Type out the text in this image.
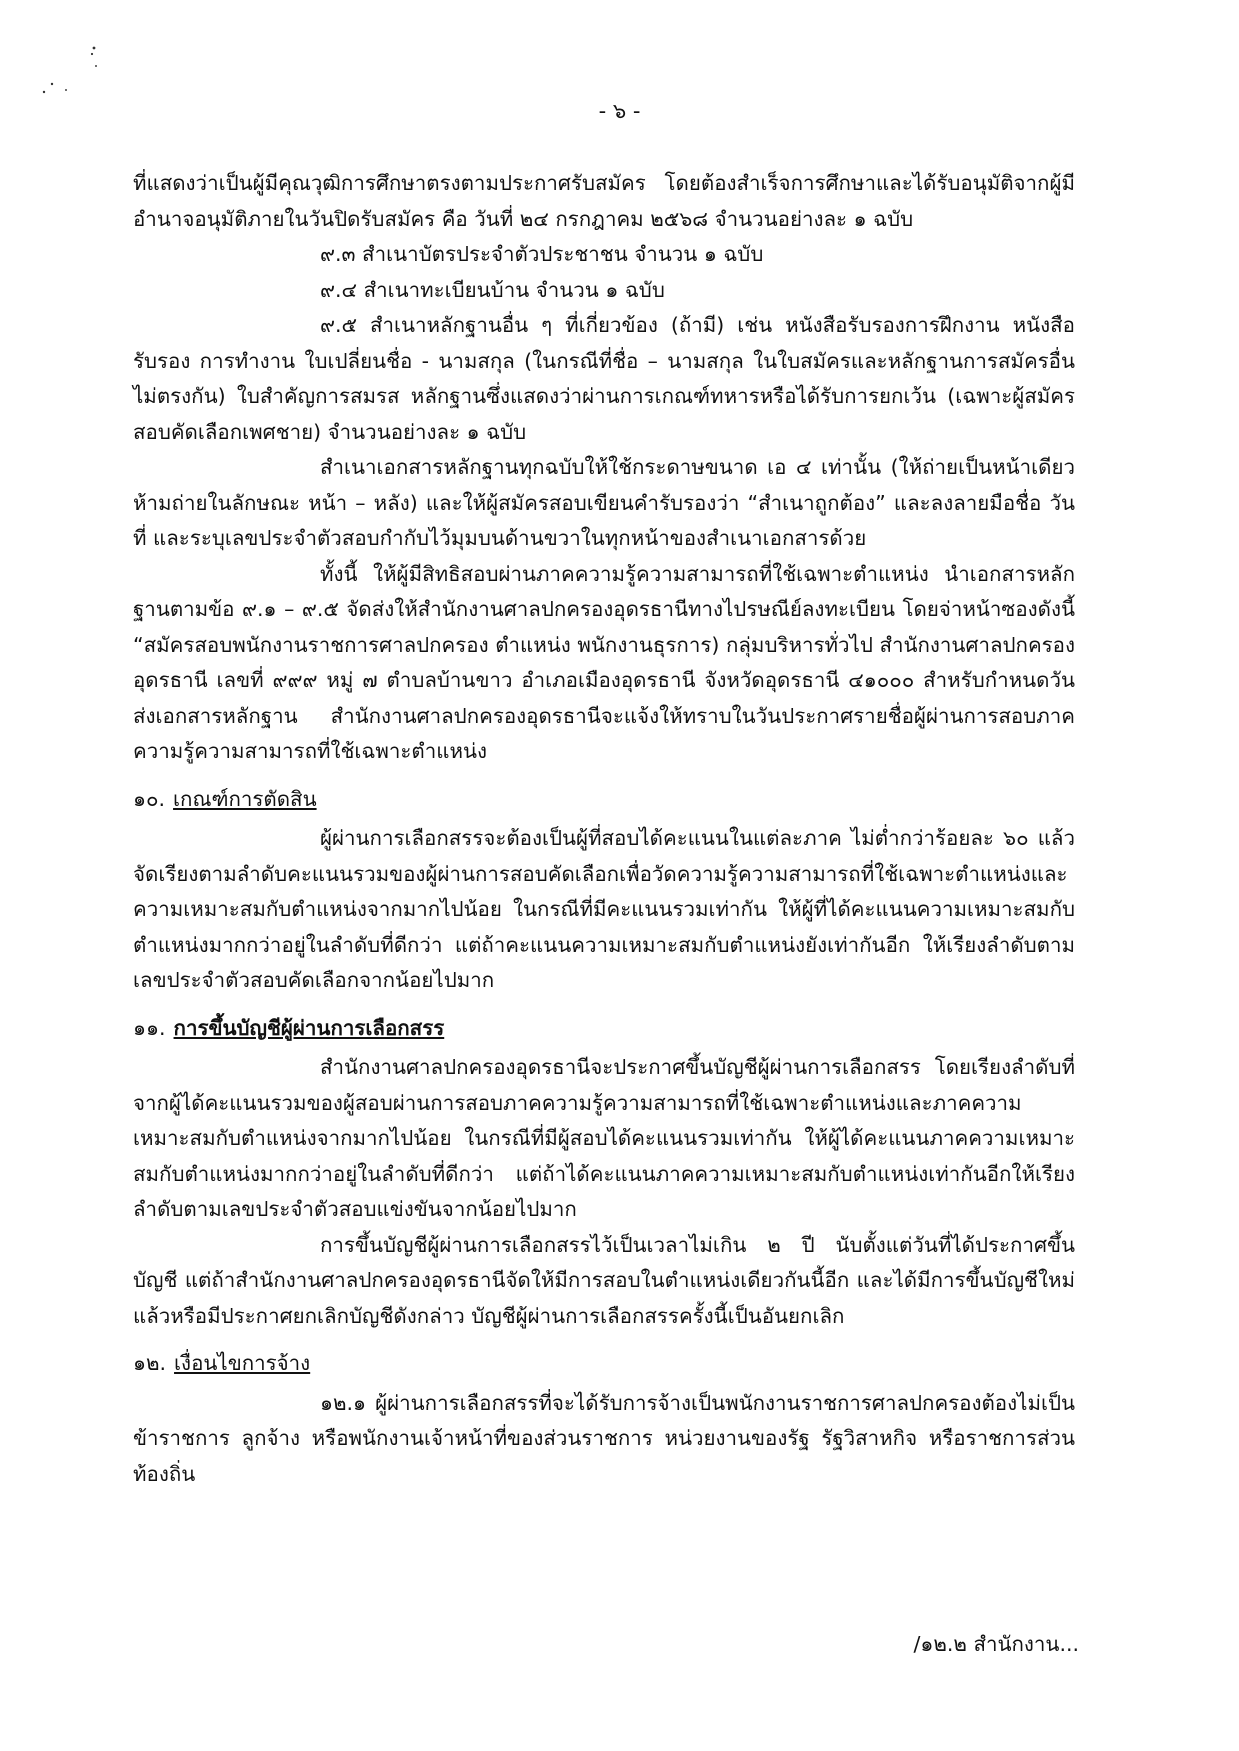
- ๖ -

ที่แสดงว่าเป็นผู้มีคุณวุฒิการศึกษาตรงตามประกาศรับสมัคร โดยต้องสำเร็จการศึกษาและได้รับอนุมัติจากผู้มีอำนาจอนุมัติภายในวันปิดรับสมัคร คือ วันที่ ๒๔ กรกฎาคม ๒๕๖๘ จำนวนอย่างละ ๑ ฉบับ

๙.๓ สำเนาบัตรประจำตัวประชาชน จำนวน ๑ ฉบับ

๙.๔ สำเนาทะเบียนบ้าน จำนวน ๑ ฉบับ

๙.๕ สำเนาหลักฐานอื่น ๆ ที่เกี่ยวข้อง (ถ้ามี) เช่น หนังสือรับรองการฝึกงาน หนังสือรับรอง การทำงาน ใบเปลี่ยนชื่อ - นามสกุล (ในกรณีที่ชื่อ – นามสกุล ในใบสมัครและหลักฐานการสมัครอื่นไม่ตรงกัน) ใบสำคัญการสมรส หลักฐานซึ่งแสดงว่าผ่านการเกณฑ์ทหารหรือได้รับการยกเว้น (เฉพาะผู้สมัครสอบคัดเลือกเพศชาย) จำนวนอย่างละ ๑ ฉบับ

สำเนาเอกสารหลักฐานทุกฉบับให้ใช้กระดาษขนาด เอ ๔ เท่านั้น (ให้ถ่ายเป็นหน้าเดียว ห้ามถ่ายในลักษณะ หน้า – หลัง) และให้ผู้สมัครสอบเขียนคำรับรองว่า “สำเนาถูกต้อง” และลงลายมือชื่อ วันที่ และระบุเลขประจำตัวสอบกำกับไว้มุมบนด้านขวาในทุกหน้าของสำเนาเอกสารด้วย

ทั้งนี้ ให้ผู้มีสิทธิสอบผ่านภาคความรู้ความสามารถที่ใช้เฉพาะตำแหน่ง นำเอกสารหลักฐานตามข้อ ๙.๑ – ๙.๕ จัดส่งให้สำนักงานศาลปกครองอุดรธานีทางไปรษณีย์ลงทะเบียน โดยจ่าหน้าซองดังนี้ “สมัครสอบพนักงานราชการศาลปกครอง ตำแหน่ง พนักงานธุรการ) กลุ่มบริหารทั่วไป สำนักงานศาลปกครองอุดรธานี เลขที่ ๙๙๙ หมู่ ๗ ตำบลบ้านขาว อำเภอเมืองอุดรธานี จังหวัดอุดรธานี ๔๑๐๐๐ สำหรับกำหนดวันส่งเอกสารหลักฐาน สำนักงานศาลปกครองอุดรธานีจะแจ้งให้ทราบในวันประกาศรายชื่อผู้ผ่านการสอบภาคความรู้ความสามารถที่ใช้เฉพาะตำแหน่ง

๑๐. เกณฑ์การตัดสิน

ผู้ผ่านการเลือกสรรจะต้องเป็นผู้ที่สอบได้คะแนนในแต่ละภาค ไม่ต่ำกว่าร้อยละ ๖๐ แล้วจัดเรียงตามลำดับคะแนนรวมของผู้ผ่านการสอบคัดเลือกเพื่อวัดความรู้ความสามารถที่ใช้เฉพาะตำแหน่งและความเหมาะสมกับตำแหน่งจากมากไปน้อย ในกรณีที่มีคะแนนรวมเท่ากัน ให้ผู้ที่ได้คะแนนความเหมาะสมกับตำแหน่งมากกว่าอยู่ในลำดับที่ดีกว่า แต่ถ้าคะแนนความเหมาะสมกับตำแหน่งยังเท่ากันอีก ให้เรียงลำดับตามเลขประจำตัวสอบคัดเลือกจากน้อยไปมาก

๑๑. การขึ้นบัญชีผู้ผ่านการเลือกสรร

สำนักงานศาลปกครองอุดรธานีจะประกาศขึ้นบัญชีผู้ผ่านการเลือกสรร โดยเรียงลำดับที่จากผู้ได้คะแนนรวมของผู้สอบผ่านการสอบภาคความรู้ความสามารถที่ใช้เฉพาะตำแหน่งและภาคความเหมาะสมกับตำแหน่งจากมากไปน้อย ในกรณีที่มีผู้สอบได้คะแนนรวมเท่ากัน ให้ผู้ได้คะแนนภาคความเหมาะสมกับตำแหน่งมากกว่าอยู่ในลำดับที่ดีกว่า แต่ถ้าได้คะแนนภาคความเหมาะสมกับตำแหน่งเท่ากันอีกให้เรียงลำดับตามเลขประจำตัวสอบแข่งขันจากน้อยไปมาก

การขึ้นบัญชีผู้ผ่านการเลือกสรรไว้เป็นเวลาไม่เกิน ๒ ปี นับตั้งแต่วันที่ได้ประกาศขึ้นบัญชี แต่ถ้าสำนักงานศาลปกครองอุดรธานีจัดให้มีการสอบในตำแหน่งเดียวกันนี้อีก และได้มีการขึ้นบัญชีใหม่แล้วหรือมีประกาศยกเลิกบัญชีดังกล่าว บัญชีผู้ผ่านการเลือกสรรครั้งนี้เป็นอันยกเลิก

๑๒. เงื่อนไขการจ้าง

๑๒.๑ ผู้ผ่านการเลือกสรรที่จะได้รับการจ้างเป็นพนักงานราชการศาลปกครองต้องไม่เป็นข้าราชการ ลูกจ้าง หรือพนักงานเจ้าหน้าที่ของส่วนราชการ หน่วยงานของรัฐ รัฐวิสาหกิจ หรือราชการส่วนท้องถิ่น

/๑๒.๒ สำนักงาน...
